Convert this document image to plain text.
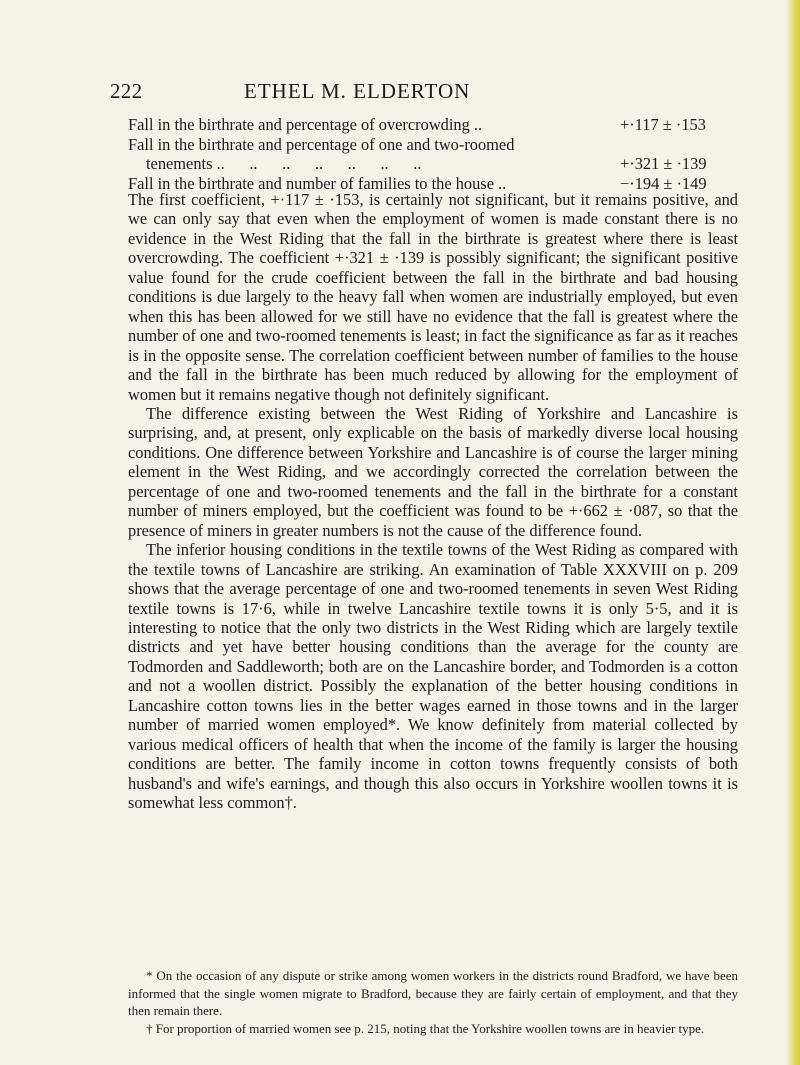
222	ETHEL M. ELDERTON
Fall in the birthrate and percentage of overcrowding ..	+·117 ± ·153
Fall in the birthrate and percentage of one and two-roomed
tenements ..      ..      ..      ..      ..      ..      ..	+·321 ± ·139
Fall in the birthrate and number of families to the house ..	−·194 ± ·149

The first coefficient, +·117 ± ·153, is certainly not significant, but it remains positive, and we can only say that even when the employment of women is made constant there is no evidence in the West Riding that the fall in the birthrate is greatest where there is least overcrowding. The coefficient +·321 ± ·139 is possibly significant; the significant positive value found for the crude coefficient between the fall in the birthrate and bad housing conditions is due largely to the heavy fall when women are industrially employed, but even when this has been allowed for we still have no evidence that the fall is greatest where the number of one and two-roomed tenements is least; in fact the significance as far as it reaches is in the opposite sense. The correlation coefficient between number of families to the house and the fall in the birthrate has been much reduced by allowing for the employment of women but it remains negative though not definitely significant.

The difference existing between the West Riding of Yorkshire and Lancashire is surprising, and, at present, only explicable on the basis of markedly diverse local housing conditions. One difference between Yorkshire and Lancashire is of course the larger mining element in the West Riding, and we accordingly corrected the correlation between the percentage of one and two-roomed tenements and the fall in the birthrate for a constant number of miners employed, but the coefficient was found to be +·662 ± ·087, so that the presence of miners in greater numbers is not the cause of the difference found.

The inferior housing conditions in the textile towns of the West Riding as compared with the textile towns of Lancashire are striking. An examination of Table XXXVIII on p. 209 shows that the average percentage of one and two-roomed tenements in seven West Riding textile towns is 17·6, while in twelve Lancashire textile towns it is only 5·5, and it is interesting to notice that the only two districts in the West Riding which are largely textile districts and yet have better housing conditions than the average for the county are Todmorden and Saddleworth; both are on the Lancashire border, and Todmorden is a cotton and not a woollen district. Possibly the explanation of the better housing conditions in Lancashire cotton towns lies in the better wages earned in those towns and in the larger number of married women employed*. We know definitely from material collected by various medical officers of health that when the income of the family is larger the housing conditions are better. The family income in cotton towns frequently consists of both husband's and wife's earnings, and though this also occurs in Yorkshire woollen towns it is somewhat less common†.

* On the occasion of any dispute or strike among women workers in the districts round Bradford, we have been informed that the single women migrate to Bradford, because they are fairly certain of employment, and that they then remain there.

† For proportion of married women see p. 215, noting that the Yorkshire woollen towns are in heavier type.
